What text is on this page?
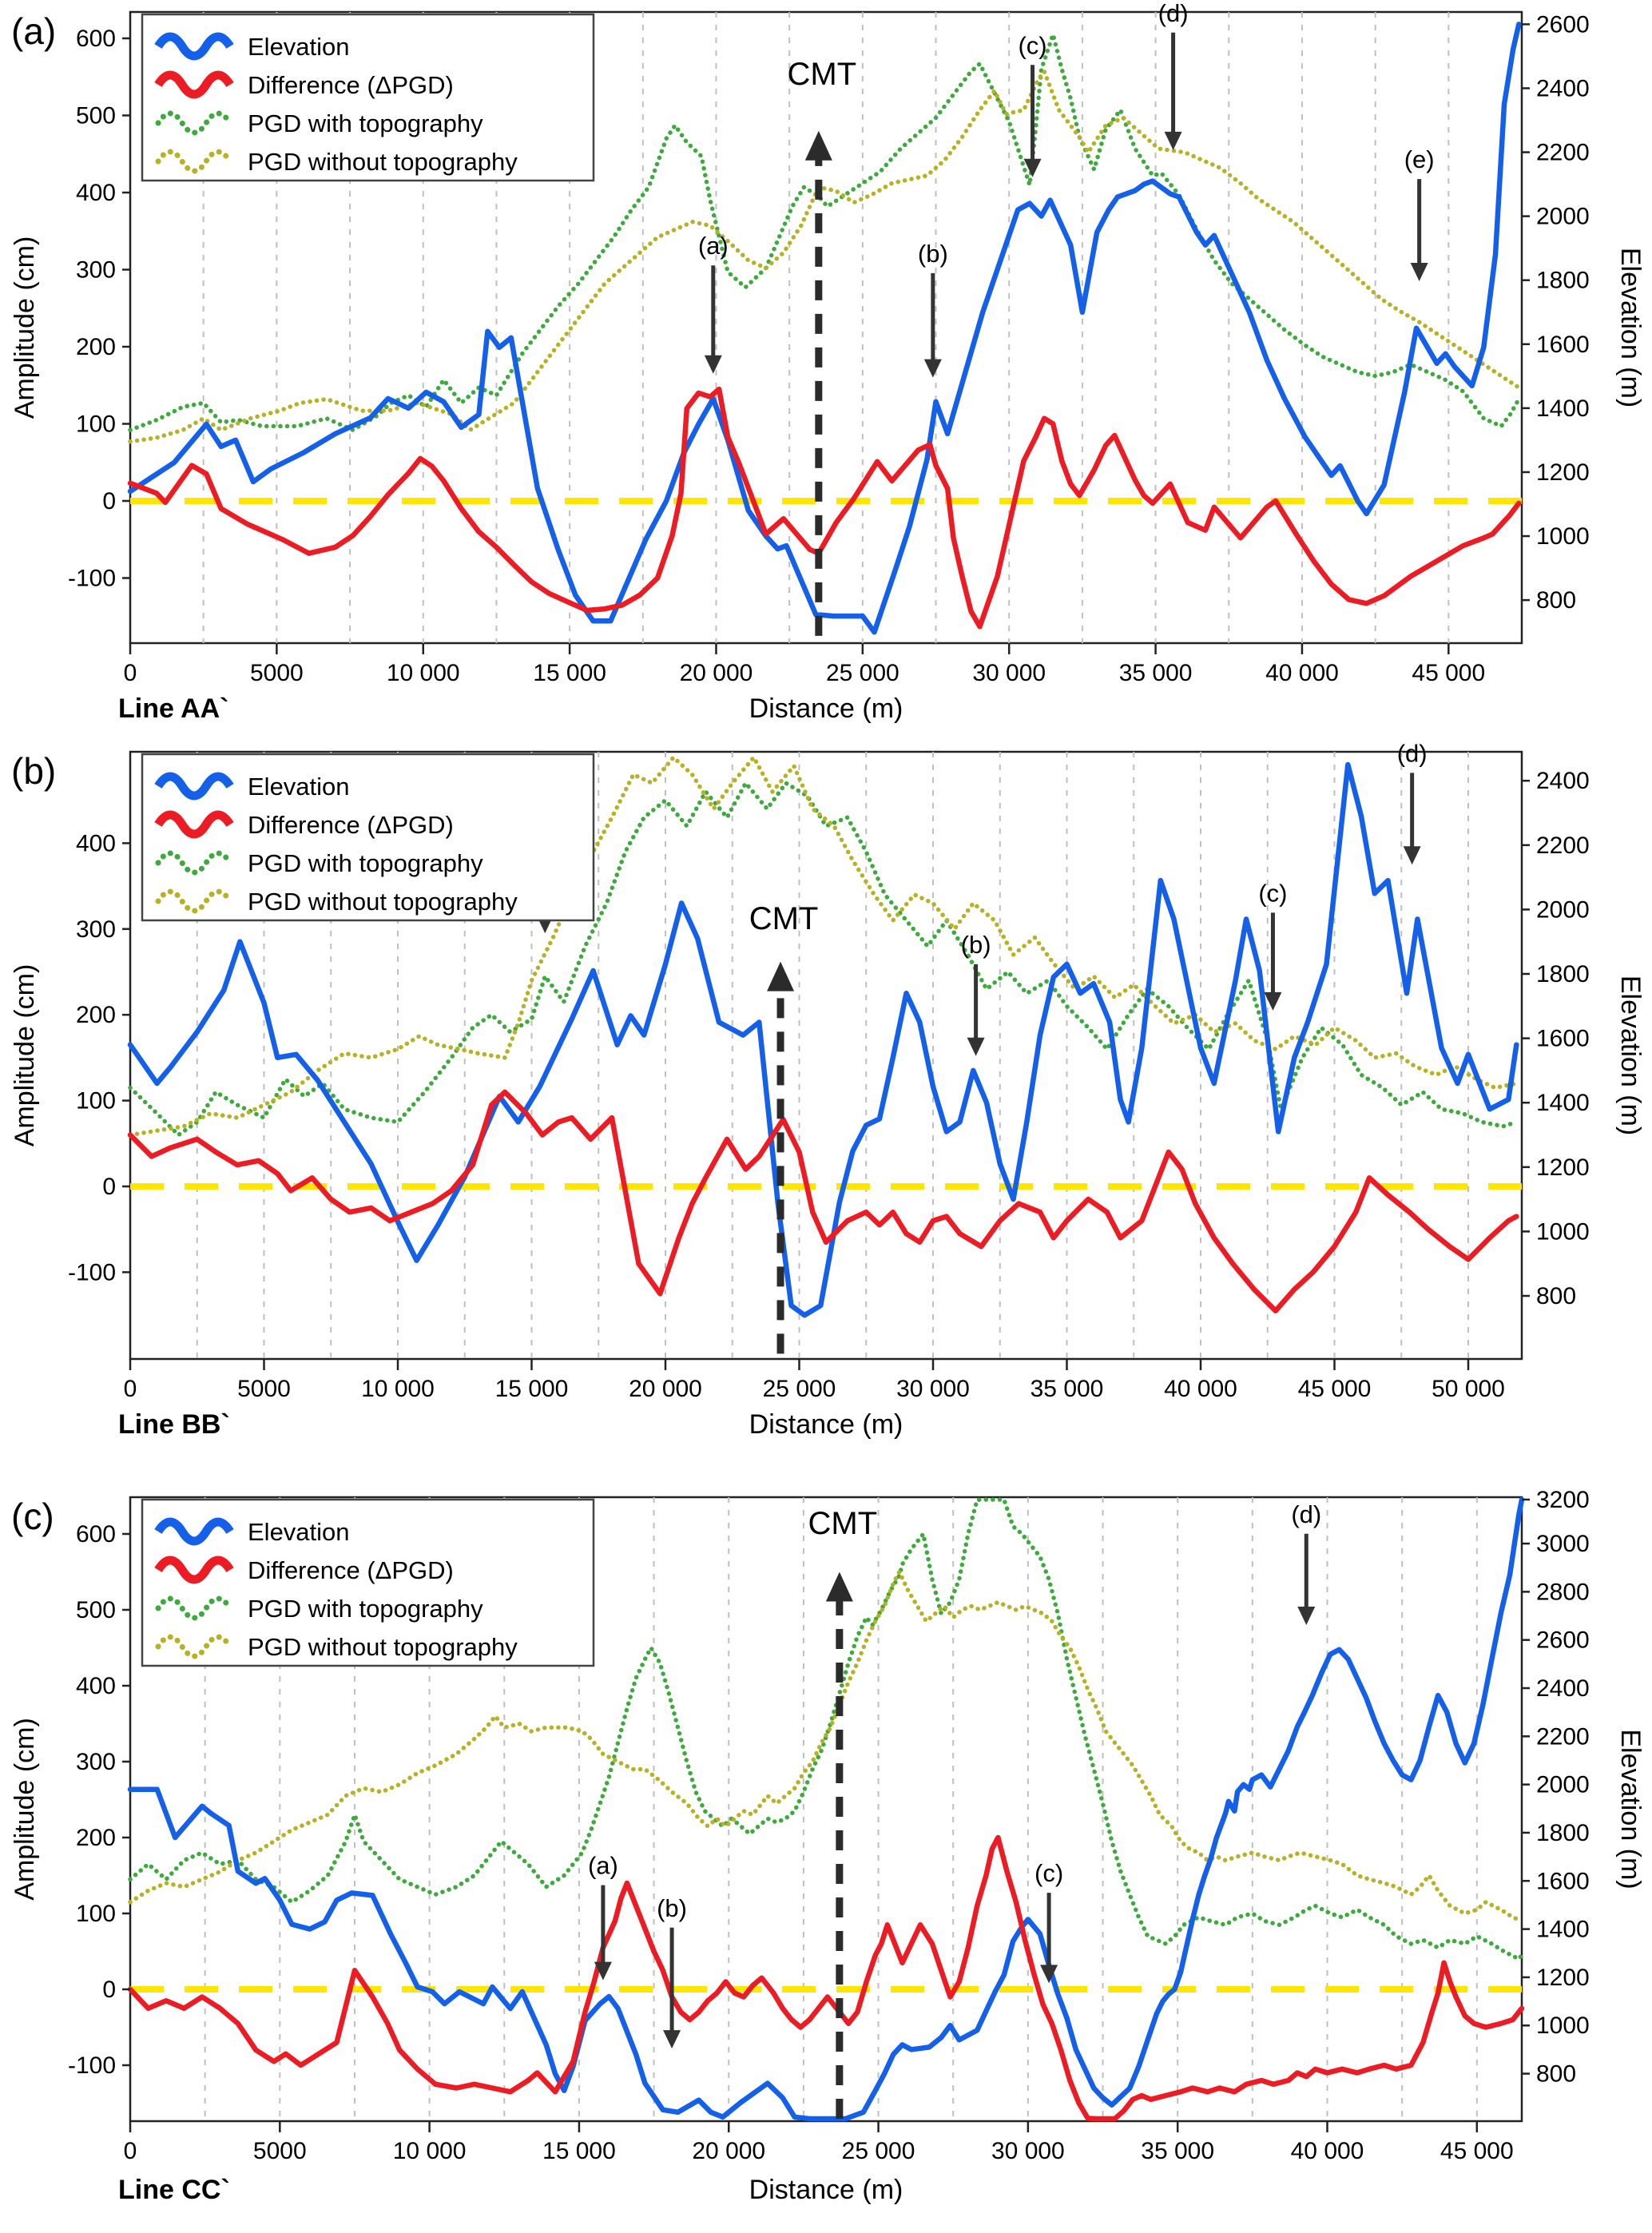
CMT
(a)	(b)
(c)
(d)
(e)
600
500
400
300
200
100
0
-100
2600
2400
2200
2000
1800
1600
1400
1200
1000
800
0	5000	10 000	15 000	20 000	25 000	30 000	35 000	40 000	45 000
Amplitude (cm)	Elevation (m)
Distance (m)
Line AA`
(a)	Elevation
Difference (ΔPGD)
PGD with topography
PGD without topography
CMT
(b)
(c)
(d)
400
300
200
100
0
-100
2400
2200
2000
1800
1600
1400
1200
1000
800
0	5000	10 000	15 000	20 000	25 000	30 000	35 000	40 000	45 000	50 000
Amplitude (cm)	Elevation (m)
Distance (m)
Line BB`
(b)	Elevation
Difference (ΔPGD)
PGD with topography
PGD without topography
CMT
(a)
(b)
(c)
(d)
600
500
400
300
200
100
0
-100
3200
3000
2800
2600
2400
2200
2000
1800
1600
1400
1200
1000
800
0	5000	10 000	15 000	20 000	25 000	30 000	35 000	40 000	45 000
Amplitude (cm)	Elevation (m)
Distance (m)
Line CC`
(c)	Elevation
Difference (ΔPGD)
PGD with topography
PGD without topography
